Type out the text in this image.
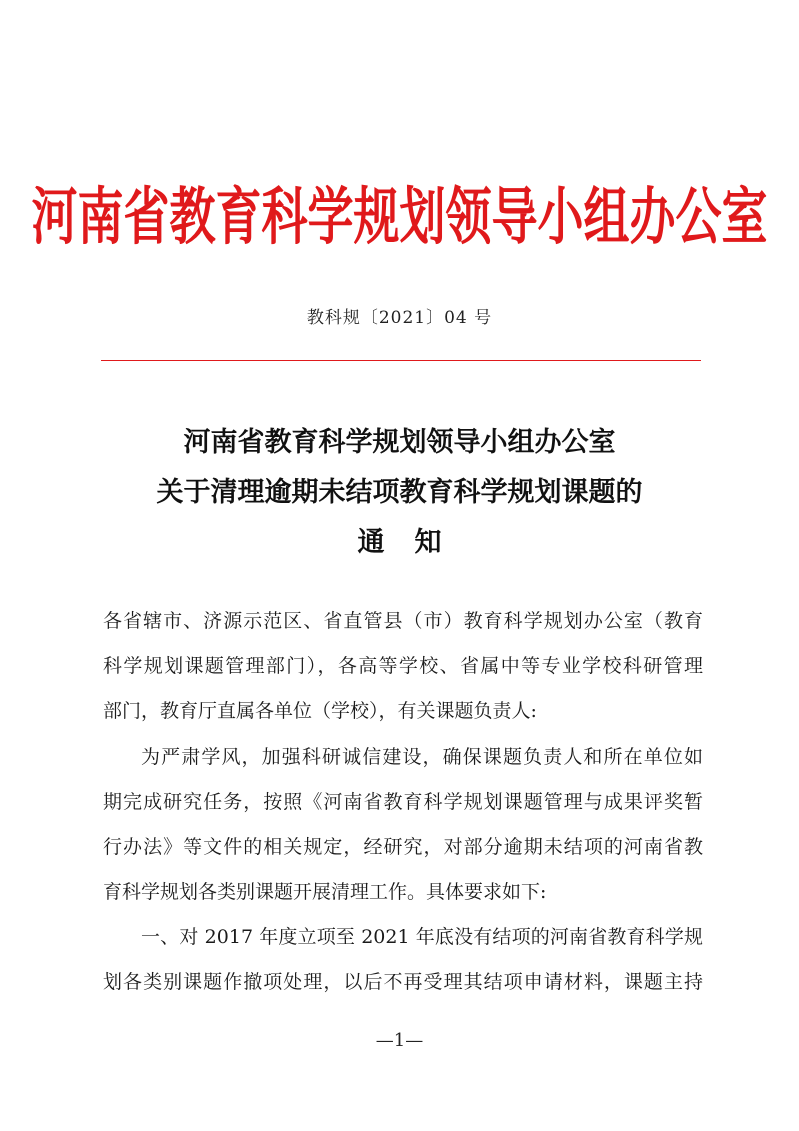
河南省教育科学规划领导小组办公室
教科规〔2021〕04 号
河南省教育科学规划领导小组办公室
关于清理逾期未结项教育科学规划课题的
通知
各省辖市、济源示范区、省直管县（市）教育科学规划办公室（教育
科学规划课题管理部门），各高等学校、省属中等专业学校科研管理
部门，教育厅直属各单位（学校），有关课题负责人:
为严肃学风，加强科研诚信建设，确保课题负责人和所在单位如
期完成研究任务，按照《河南省教育科学规划课题管理与成果评奖暂
行办法》等文件的相关规定，经研究，对部分逾期未结项的河南省教
育科学规划各类别课题开展清理工作。具体要求如下:
一、对 2017 年度立项至 2021 年底没有结项的河南省教育科学规
划各类别课题作撤项处理，以后不再受理其结项申请材料，课题主持
—1—
